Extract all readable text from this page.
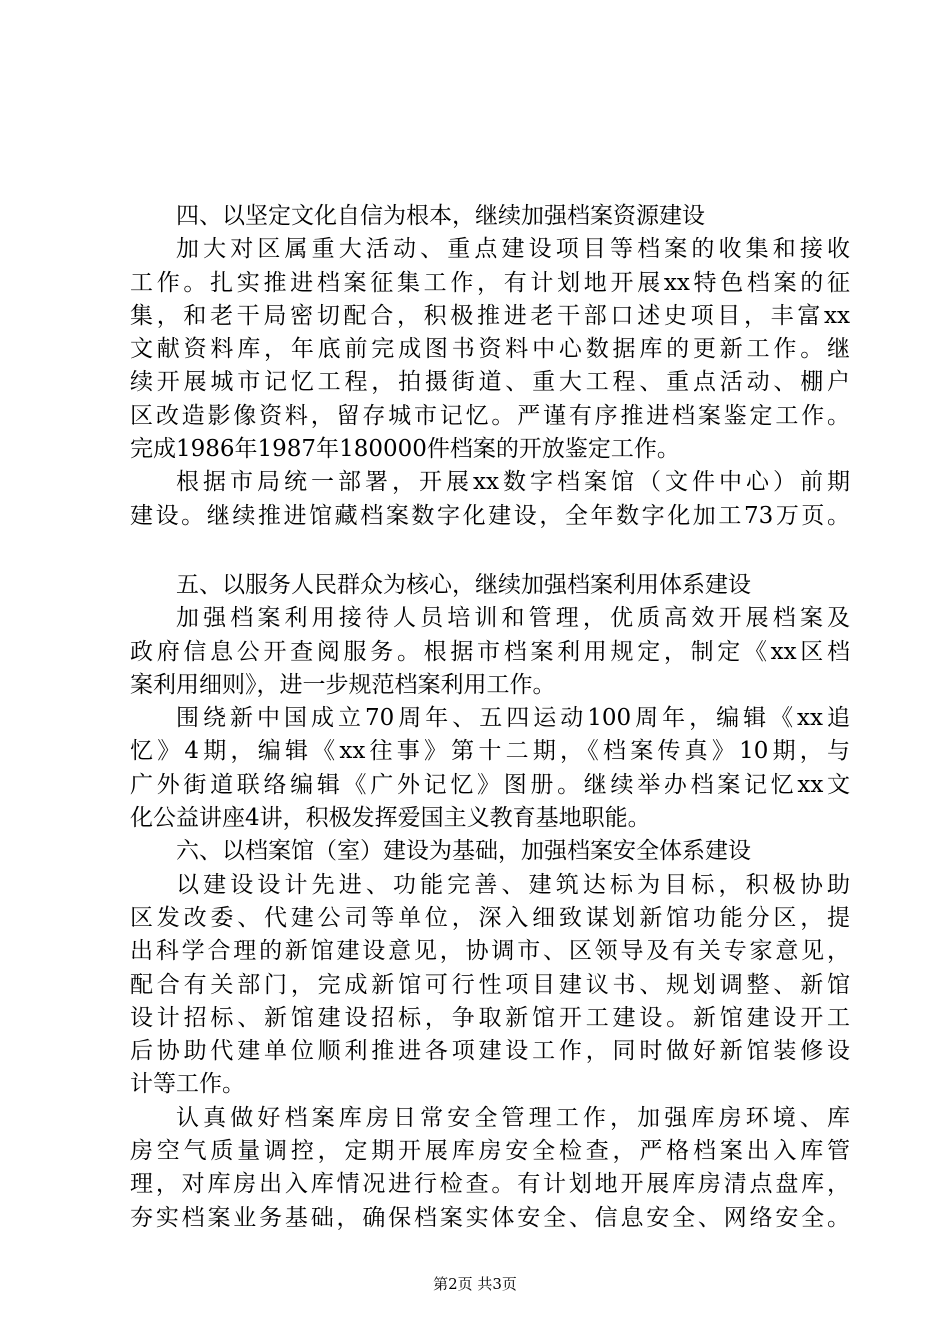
四、以坚定文化自信为根本，继续加强档案资源建设
加大对区属重大活动、重点建设项目等档案的收集和接收
工作。扎实推进档案征集工作，有计划地开展xx特色档案的征
集，和老干局密切配合，积极推进老干部口述史项目，丰富xx
文献资料库，年底前完成图书资料中心数据库的更新工作。继
续开展城市记忆工程，拍摄街道、重大工程、重点活动、棚户
区改造影像资料，留存城市记忆。严谨有序推进档案鉴定工作。
完成1986年1987年180000件档案的开放鉴定工作。
根据市局统一部署，开展xx数字档案馆（文件中心）前期
建设。继续推进馆藏档案数字化建设，全年数字化加工73万页。
五、以服务人民群众为核心，继续加强档案利用体系建设
加强档案利用接待人员培训和管理，优质高效开展档案及
政府信息公开查阅服务。根据市档案利用规定，制定《xx区档
案利用细则》，进一步规范档案利用工作。
围绕新中国成立70周年、五四运动100周年，编辑《xx追
忆》4期，编辑《xx往事》第十二期，《档案传真》10期，与
广外街道联络编辑《广外记忆》图册。继续举办档案记忆xx文
化公益讲座4讲，积极发挥爱国主义教育基地职能。
六、以档案馆（室）建设为基础，加强档案安全体系建设
以建设设计先进、功能完善、建筑达标为目标，积极协助
区发改委、代建公司等单位，深入细致谋划新馆功能分区，提
出科学合理的新馆建设意见，协调市、区领导及有关专家意见，
配合有关部门，完成新馆可行性项目建议书、规划调整、新馆
设计招标、新馆建设招标，争取新馆开工建设。新馆建设开工
后协助代建单位顺利推进各项建设工作，同时做好新馆装修设
计等工作。
认真做好档案库房日常安全管理工作，加强库房环境、库
房空气质量调控，定期开展库房安全检查，严格档案出入库管
理，对库房出入库情况进行检查。有计划地开展库房清点盘库，
夯实档案业务基础，确保档案实体安全、信息安全、网络安全。
第2页 共3页
